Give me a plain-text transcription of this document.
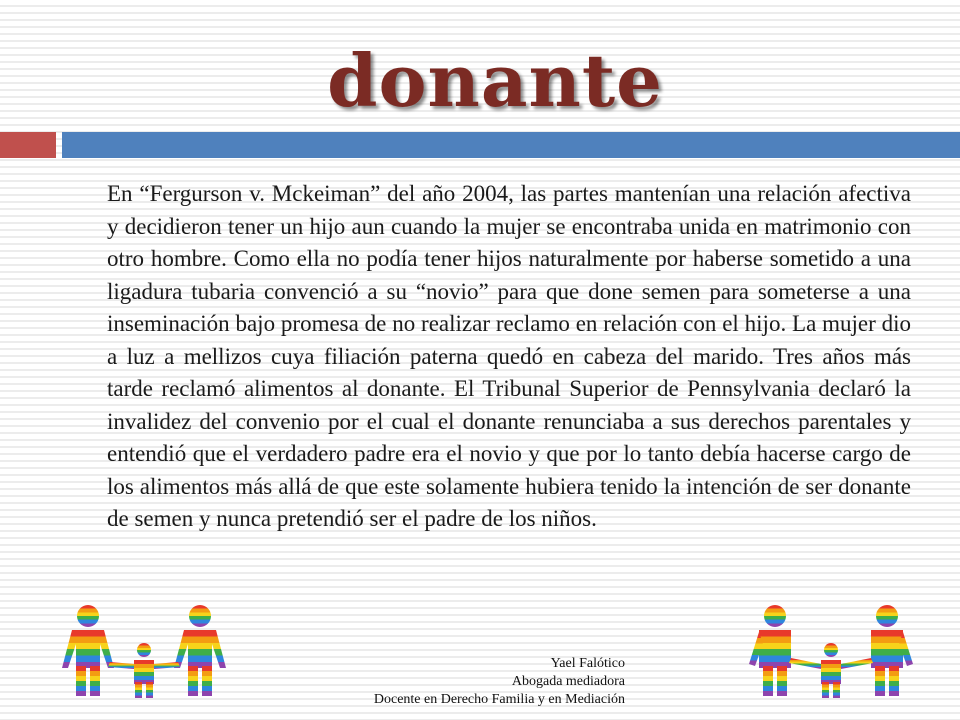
donante

En “Fergurson v. Mckeiman” del año 2004, las partes mantenían una relación afectiva y decidieron tener un hijo aun cuando la mujer se encontraba unida en matrimonio con otro hombre. Como ella no podía tener hijos naturalmente por haberse sometido a una ligadura tubaria convenció a su “novio” para que done semen para someterse a una inseminación bajo promesa de no realizar reclamo en relación con el hijo. La mujer dio a luz a mellizos cuya filiación paterna quedó en cabeza del marido. Tres años más tarde reclamó alimentos al donante. El Tribunal Superior de Pennsylvania declaró la invalidez del convenio por el cual el donante renunciaba a sus derechos parentales y entendió que el verdadero padre era el novio y que por lo tanto debía hacerse cargo de los alimentos más allá de que este solamente hubiera tenido la intención de ser donante de semen y nunca pretendió ser el padre de los niños.

Yael Falótico
Abogada mediadora
Docente en Derecho Familia y en Mediación
